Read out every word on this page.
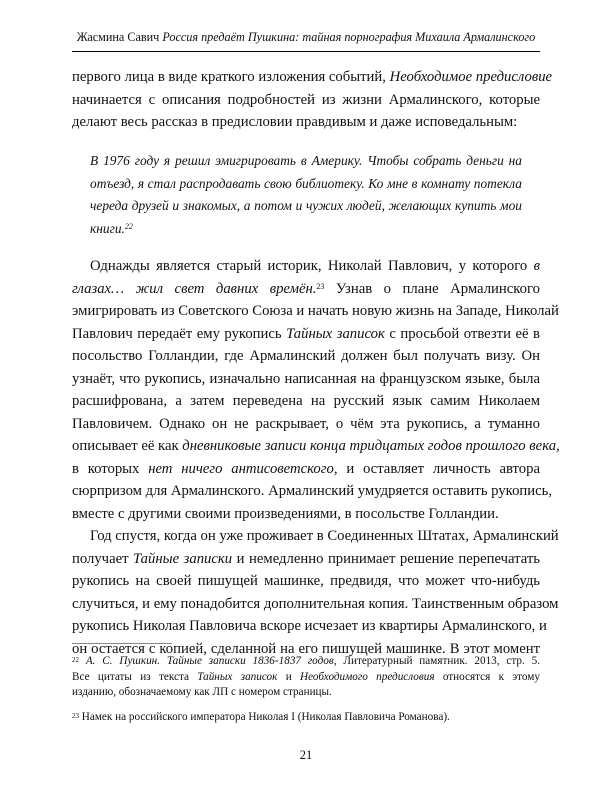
Жасмина Савич Россия предаёт Пушкина: тайная порнография Михаила Армалинского
первого лица в виде краткого изложения событий, Необходимое предисловие
начинается с описания подробностей из жизни Армалинского, которые
делают весь рассказ в предисловии правдивым и даже исповедальным:
В 1976 году я решил эмигрировать в Америку. Чтобы собрать деньги на
отъезд, я стал распродавать свою библиотеку. Ко мне в комнату потекла
череда друзей и знакомых, а потом и чужих людей, желающих купить мои
книги.$^{22}$
Однажды является старый историк, Николай Павлович, у которого в
глазах… жил свет давних времён.$^{23}$ Узнав о плане Армалинского
эмигрировать из Советского Союза и начать новую жизнь на Западе, Николай
Павлович передаёт ему рукопись Тайных записок с просьбой отвезти её в
посольство Голландии, где Армалинский должен был получать визу. Он
узнаёт, что рукопись, изначально написанная на французском языке, была
расшифрована, а затем переведена на русский язык самим Николаем
Павловичем. Однако он не раскрывает, о чём эта рукопись, а туманно
описывает её как дневниковые записи конца тридцатых годов прошлого века,
в которых нет ничего антисоветского, и оставляет личность автора
сюрпризом для Армалинского. Армалинский умудряется оставить рукопись,
вместе с другими своими произведениями, в посольстве Голландии.
Год спустя, когда он уже проживает в Соединенных Штатах, Армалинский
получает Тайные записки и немедленно принимает решение перепечатать
рукопись на своей пишущей машинке, предвидя, что может что-нибудь
случиться, и ему понадобится дополнительная копия. Таинственным образом
рукопись Николая Павловича вскоре исчезает из квартиры Армалинского, и
он остается с копией, сделанной на его пишущей машинке. В этот момент
$^{22}$ А. С. Пушкин. Тайные записки 1836-1837 годов, Литературный памятник. 2013, стр. 5.
Все цитаты из текста Тайных записок и Необходимого предисловия относятся к этому
изданию, обозначаемому как ЛП с номером страницы.
$^{23}$ Намек на российского императора Николая I (Николая Павловича Романова).
21
